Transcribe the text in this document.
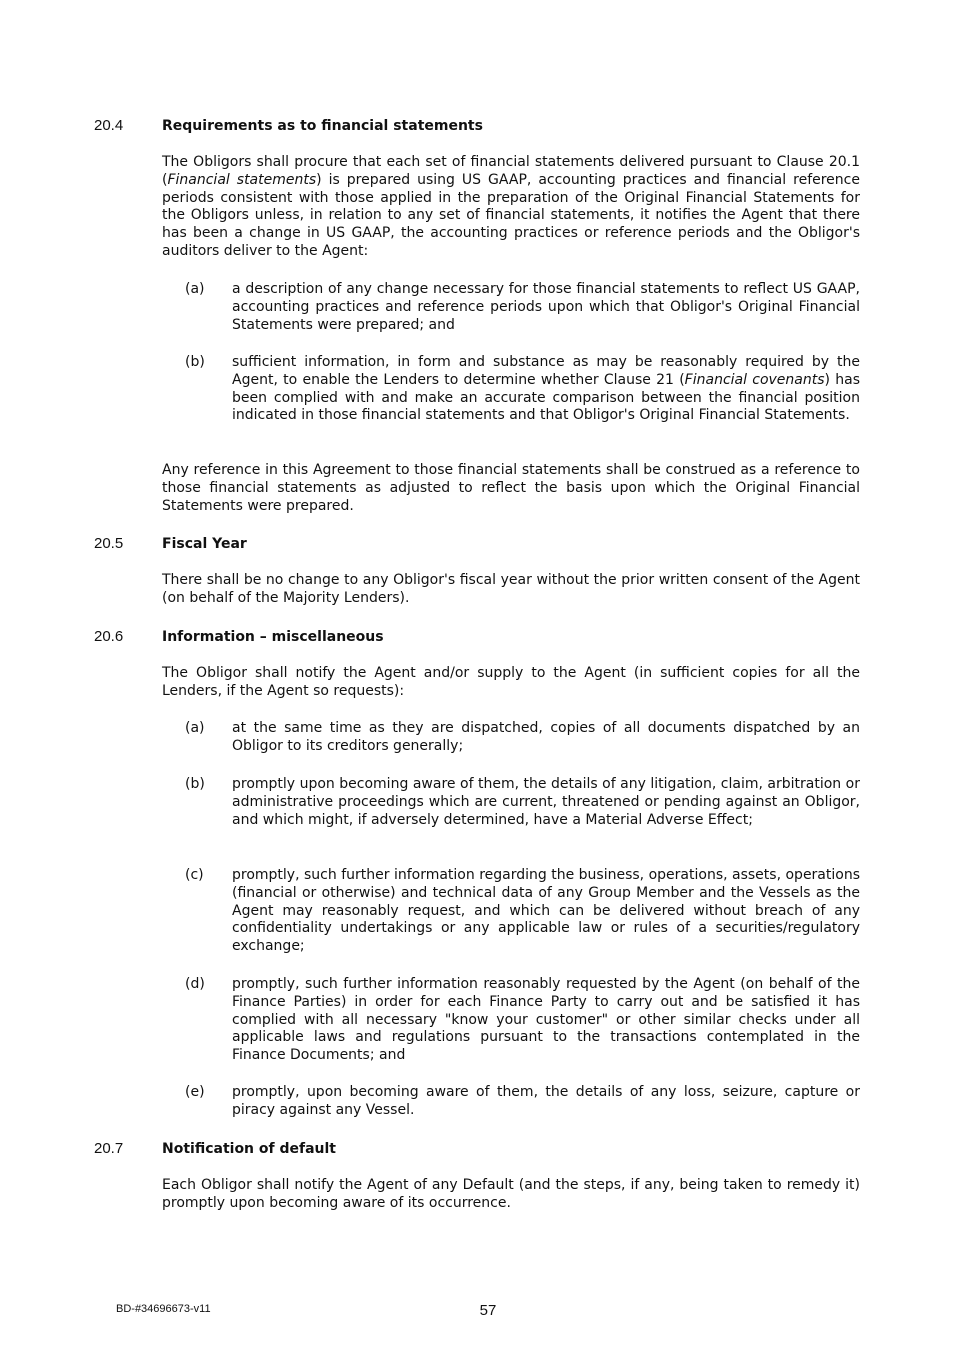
20.4	Requirements as to financial statements
The Obligors shall procure that each set of financial statements delivered pursuant to Clause 20.1 (Financial statements) is prepared using US GAAP, accounting practices and financial reference periods consistent with those applied in the preparation of the Original Financial Statements for the Obligors unless, in relation to any set of financial statements, it notifies the Agent that there has been a change in US GAAP, the accounting practices or reference periods and the Obligor's auditors deliver to the Agent:
(a) a description of any change necessary for those financial statements to reflect US GAAP, accounting practices and reference periods upon which that Obligor's Original Financial Statements were prepared; and
(b) sufficient information, in form and substance as may be reasonably required by the Agent, to enable the Lenders to determine whether Clause 21 (Financial covenants) has been complied with and make an accurate comparison between the financial position indicated in those financial statements and that Obligor's Original Financial Statements.
Any reference in this Agreement to those financial statements shall be construed as a reference to those financial statements as adjusted to reflect the basis upon which the Original Financial Statements were prepared.
20.5	Fiscal Year
There shall be no change to any Obligor's fiscal year without the prior written consent of the Agent (on behalf of the Majority Lenders).
20.6	Information – miscellaneous
The Obligor shall notify the Agent and/or supply to the Agent (in sufficient copies for all the Lenders, if the Agent so requests):
(a) at the same time as they are dispatched, copies of all documents dispatched by an Obligor to its creditors generally;
(b) promptly upon becoming aware of them, the details of any litigation, claim, arbitration or administrative proceedings which are current, threatened or pending against an Obligor, and which might, if adversely determined, have a Material Adverse Effect;
(c) promptly, such further information regarding the business, operations, assets, operations (financial or otherwise) and technical data of any Group Member and the Vessels as the Agent may reasonably request, and which can be delivered without breach of any confidentiality undertakings or any applicable law or rules of a securities/regulatory exchange;
(d) promptly, such further information reasonably requested by the Agent (on behalf of the Finance Parties) in order for each Finance Party to carry out and be satisfied it has complied with all necessary "know your customer" or other similar checks under all applicable laws and regulations pursuant to the transactions contemplated in the Finance Documents; and
(e) promptly, upon becoming aware of them, the details of any loss, seizure, capture or piracy against any Vessel.
20.7	Notification of default
Each Obligor shall notify the Agent of any Default (and the steps, if any, being taken to remedy it) promptly upon becoming aware of its occurrence.
BD-#34696673-v11	57
